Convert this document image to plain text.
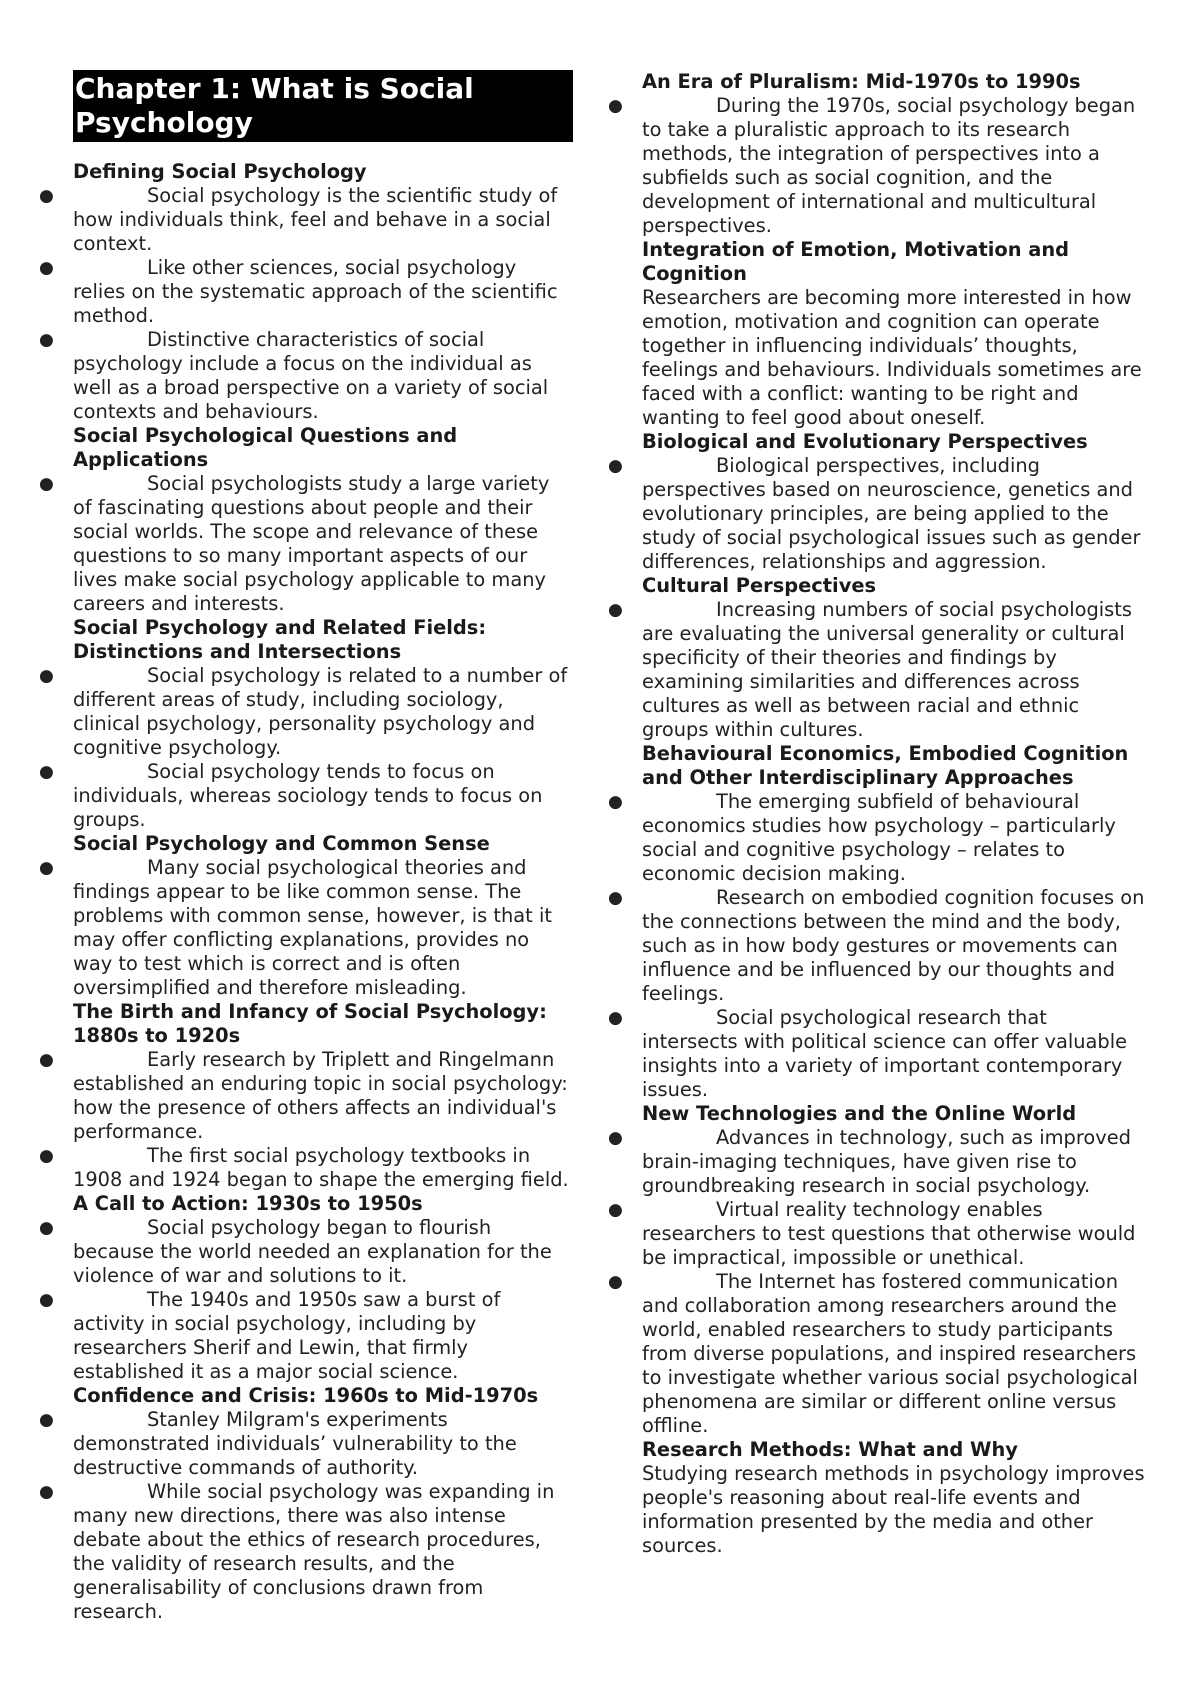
Chapter 1: What is Social Psychology
Defining Social Psychology
●	Social psychology is the scientific study of how individuals think, feel and behave in a social context.
●	Like other sciences, social psychology relies on the systematic approach of the scientific method.
●	Distinctive characteristics of social psychology include a focus on the individual as well as a broad perspective on a variety of social contexts and behaviours.
Social Psychological Questions and Applications
●	Social psychologists study a large variety of fascinating questions about people and their social worlds. The scope and relevance of these questions to so many important aspects of our lives make social psychology applicable to many careers and interests.
Social Psychology and Related Fields: Distinctions and Intersections
●	Social psychology is related to a number of different areas of study, including sociology, clinical psychology, personality psychology and cognitive psychology.
●	Social psychology tends to focus on individuals, whereas sociology tends to focus on groups.
Social Psychology and Common Sense
●	Many social psychological theories and findings appear to be like common sense. The problems with common sense, however, is that it may offer conflicting explanations, provides no way to test which is correct and is often oversimplified and therefore misleading.
The Birth and Infancy of Social Psychology: 1880s to 1920s
●	Early research by Triplett and Ringelmann established an enduring topic in social psychology: how the presence of others affects an individual's performance.
●	The first social psychology textbooks in 1908 and 1924 began to shape the emerging field.
A Call to Action: 1930s to 1950s
●	Social psychology began to flourish because the world needed an explanation for the violence of war and solutions to it.
●	The 1940s and 1950s saw a burst of activity in social psychology, including by researchers Sherif and Lewin, that firmly established it as a major social science.
Confidence and Crisis: 1960s to Mid-1970s
●	Stanley Milgram's experiments demonstrated individuals’ vulnerability to the destructive commands of authority.
●	While social psychology was expanding in many new directions, there was also intense debate about the ethics of research procedures, the validity of research results, and the generalisability of conclusions drawn from research.
An Era of Pluralism: Mid-1970s to 1990s
●	During the 1970s, social psychology began to take a pluralistic approach to its research methods, the integration of perspectives into a subfields such as social cognition, and the development of international and multicultural perspectives.
Integration of Emotion, Motivation and Cognition
Researchers are becoming more interested in how emotion, motivation and cognition can operate together in influencing individuals’ thoughts, feelings and behaviours. Individuals sometimes are faced with a conflict: wanting to be right and wanting to feel good about oneself.
Biological and Evolutionary Perspectives
●	Biological perspectives, including perspectives based on neuroscience, genetics and evolutionary principles, are being applied to the study of social psychological issues such as gender differences, relationships and aggression.
Cultural Perspectives
●	Increasing numbers of social psychologists are evaluating the universal generality or cultural specificity of their theories and findings by examining similarities and differences across cultures as well as between racial and ethnic groups within cultures.
Behavioural Economics, Embodied Cognition and Other Interdisciplinary Approaches
●	The emerging subfield of behavioural economics studies how psychology – particularly social and cognitive psychology – relates to economic decision making.
●	Research on embodied cognition focuses on the connections between the mind and the body, such as in how body gestures or movements can influence and be influenced by our thoughts and feelings.
●	Social psychological research that intersects with political science can offer valuable insights into a variety of important contemporary issues.
New Technologies and the Online World
●	Advances in technology, such as improved brain-imaging techniques, have given rise to groundbreaking research in social psychology.
●	Virtual reality technology enables researchers to test questions that otherwise would be impractical, impossible or unethical.
●	The Internet has fostered communication and collaboration among researchers around the world, enabled researchers to study participants from diverse populations, and inspired researchers to investigate whether various social psychological phenomena are similar or different online versus offline.
Research Methods: What and Why
Studying research methods in psychology improves people's reasoning about real-life events and information presented by the media and other sources.
